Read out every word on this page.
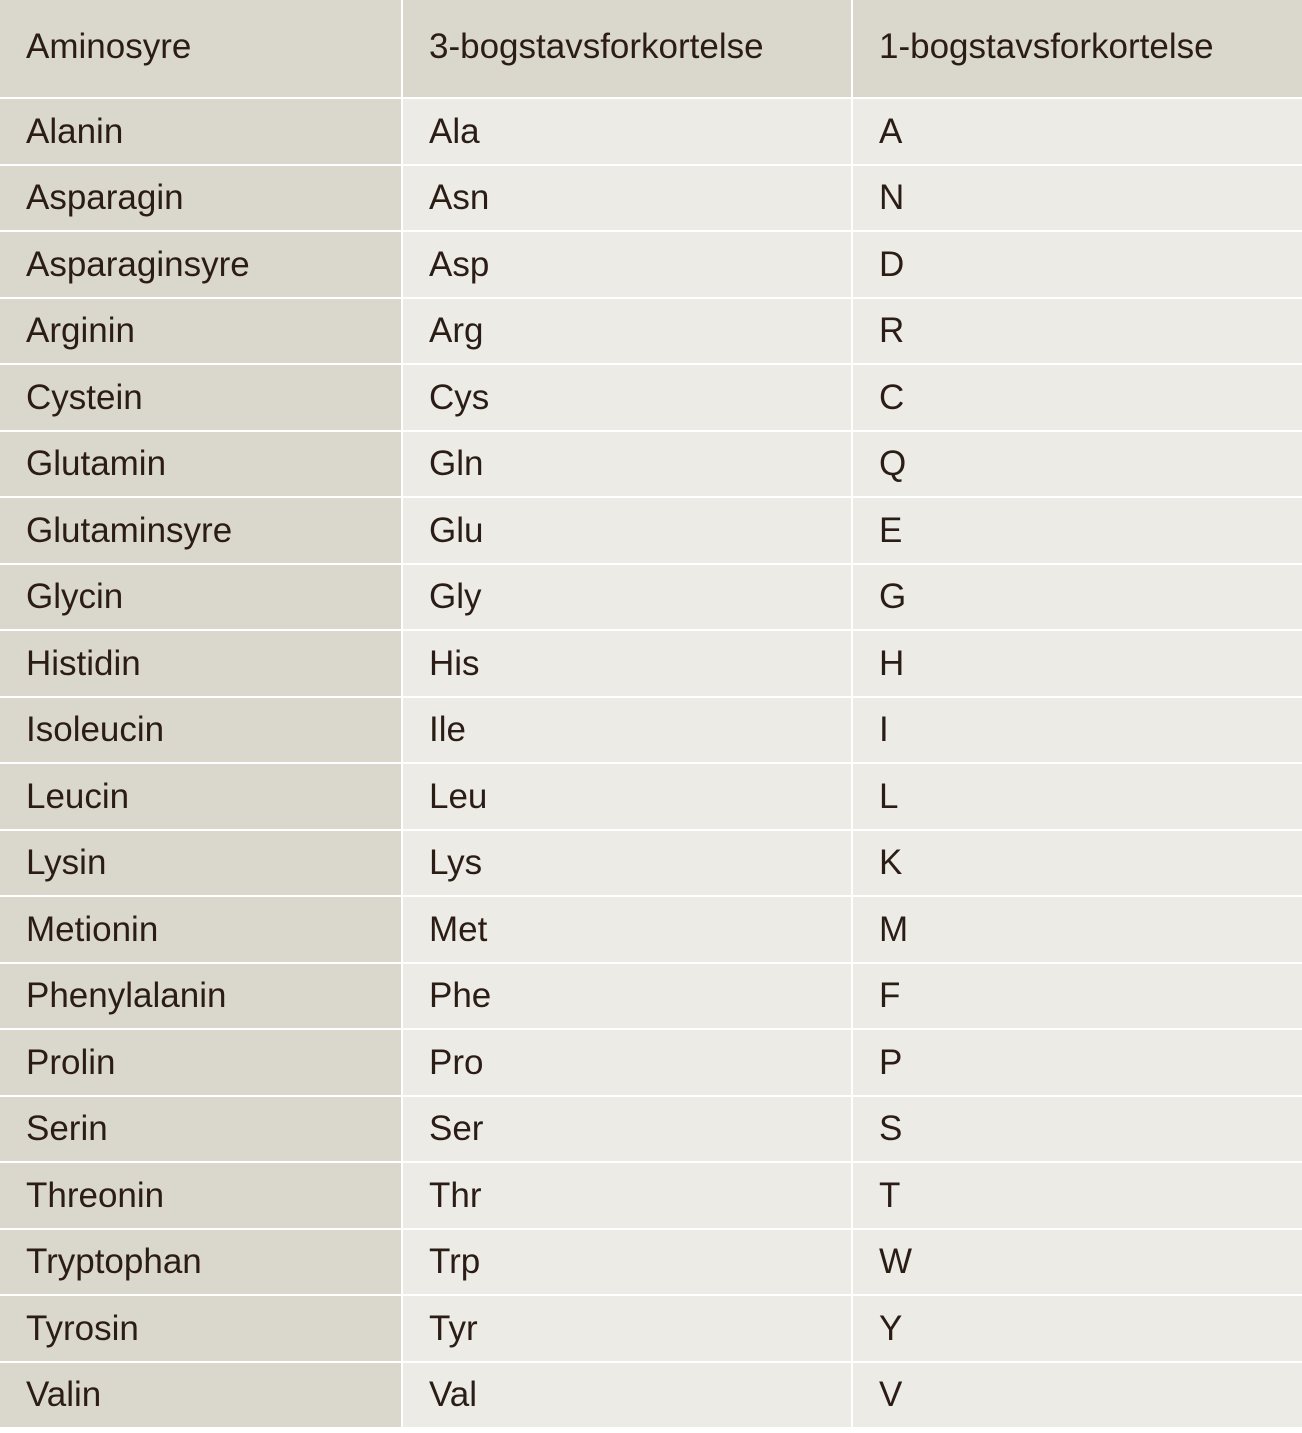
Aminosyre	3-bogstavsforkortelse	1-bogstavsforkortelse
Alanin	Ala	A
Asparagin	Asn	N
Asparaginsyre	Asp	D
Arginin	Arg	R
Cystein	Cys	C
Glutamin	Gln	Q
Glutaminsyre	Glu	E
Glycin	Gly	G
Histidin	His	H
Isoleucin	Ile	I
Leucin	Leu	L
Lysin	Lys	K
Metionin	Met	M
Phenylalanin	Phe	F
Prolin	Pro	P
Serin	Ser	S
Threonin	Thr	T
Tryptophan	Trp	W
Tyrosin	Tyr	Y
Valin	Val	V
